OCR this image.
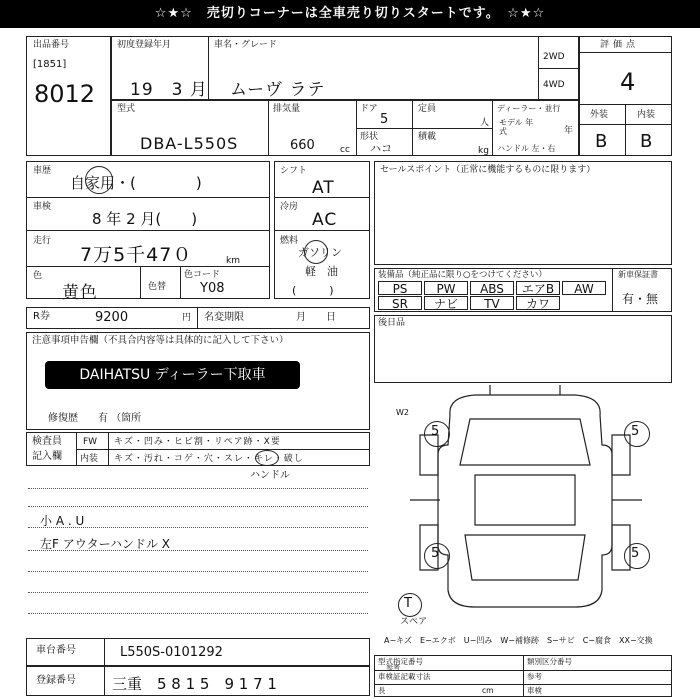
☆★☆　売切りコーナーは全車売り切りスタートです。　☆★☆
出品番号
[1851]
8012
初度登録年月
19　3 月
車名・グレード
ムーヴ ラテ
2WD
4WD
評価点
4
外装	内装
B B
型式
DBA-L550S
排気量
660	cc
ドア
5
定員
人
形状
ハコ
積載
kg
ディーラー・並行
モデル 年式	年
ハンドル 左・右
車歴
自家用・(　　　　)
車検
8 年 2 月(　　)
走行
7万5千47０	km
色
黄色	色替
色コード
Y08
シフト
AT
冷房
AC
燃料
ガソリン
軽　油
(　　　)
セールスポイント（正常に機能するものに限ります）
装備品（純正品に限り○をつけてください）	新車保証書
有・無
PS	PW	ABS	エアB	AW
SR	ナビ	TV	カワ
R券	9200	円 名変期限	月　　日	後日品
注意事項申告欄（不具合内容等は具体的に記入して下さい）
DAIHATSU ディーラー下取車
修復歴　　有 （箇所
検査員
記入欄
FW キズ・凹み・ヒビ割・リペア跡・X要
内装 キズ・汚れ・コゲ・穴・スレ・キレ・破し
ハンドル
小 A . U
左F アウターハンドル X
5	5
5	5
W2
T
スペア
A−キズ　E−エクボ　U−凹み　W−補修跡　S−サビ　C−腐食　XX−交換
車台番号	L550S-0101292
登録番号 三重　5 8 1 5　9 1 7 1
型式指定番号	類別区分番号
参考
車検証記載寸法	参考
長	cm	車検
